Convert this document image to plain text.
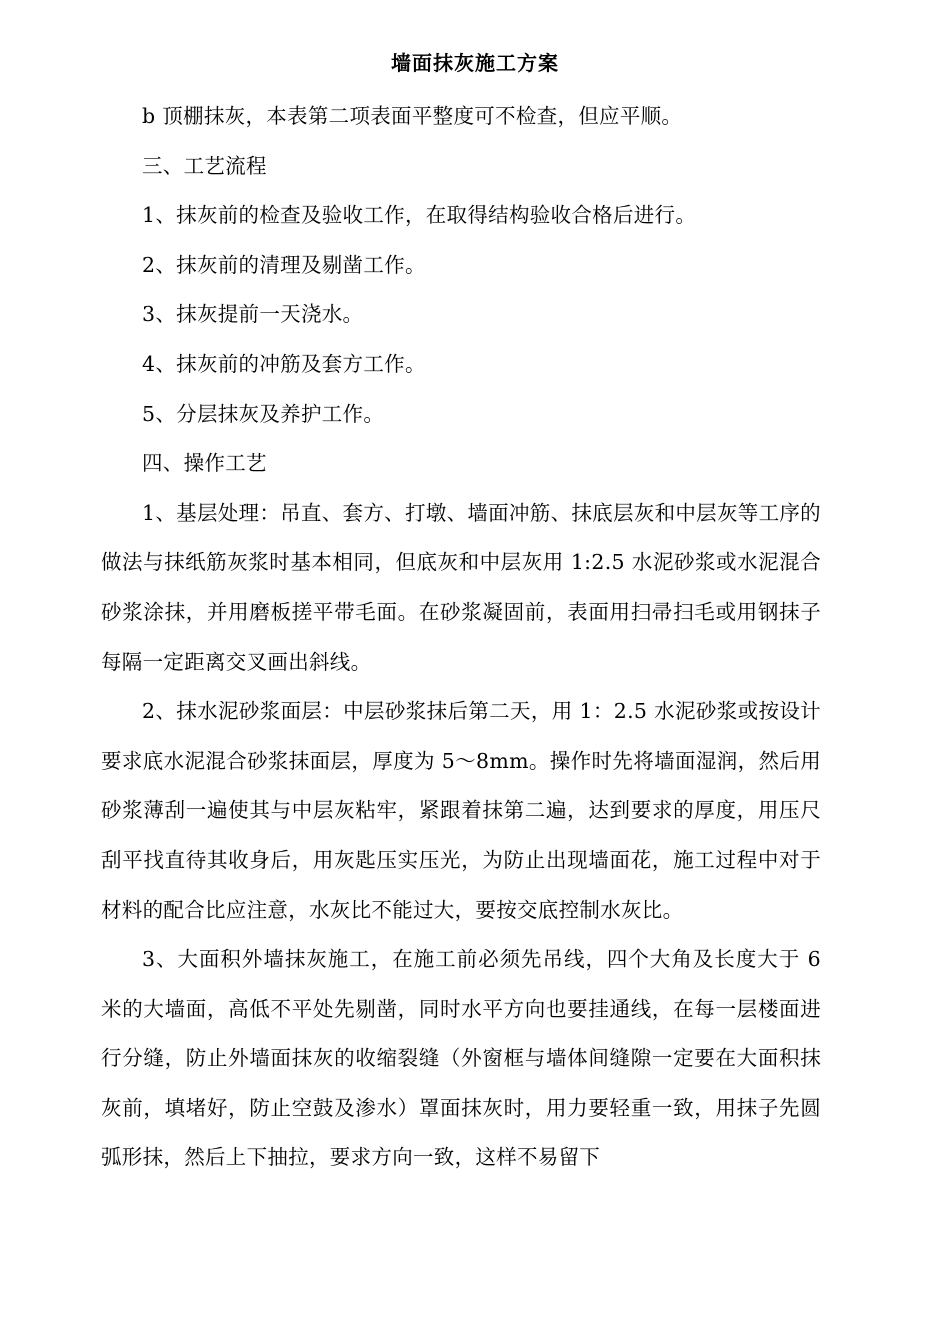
墙面抹灰施工方案

b 顶棚抹灰，本表第二项表面平整度可不检查，但应平顺。

三、工艺流程

1、抹灰前的检查及验收工作，在取得结构验收合格后进行。

2、抹灰前的清理及剔凿工作。

3、抹灰提前一天浇水。

4、抹灰前的冲筋及套方工作。

5、分层抹灰及养护工作。

四、操作工艺

1、基层处理：吊直、套方、打墩、墙面冲筋、抹底层灰和中层灰等工序的做法与抹纸筋灰浆时基本相同，但底灰和中层灰用 1:2.5 水泥砂浆或水泥混合砂浆涂抹，并用磨板搓平带毛面。在砂浆凝固前，表面用扫帚扫毛或用钢抹子每隔一定距离交叉画出斜线。

2、抹水泥砂浆面层：中层砂浆抹后第二天，用 1：2.5 水泥砂浆或按设计要求底水泥混合砂浆抹面层，厚度为 5～8mm。操作时先将墙面湿润，然后用砂浆薄刮一遍使其与中层灰粘牢，紧跟着抹第二遍，达到要求的厚度，用压尺刮平找直待其收身后，用灰匙压实压光，为防止出现墙面花，施工过程中对于材料的配合比应注意，水灰比不能过大，要按交底控制水灰比。

3、大面积外墙抹灰施工，在施工前必须先吊线，四个大角及长度大于 6 米的大墙面，高低不平处先剔凿，同时水平方向也要挂通线，在每一层楼面进行分缝，防止外墙面抹灰的收缩裂缝（外窗框与墙体间缝隙一定要在大面积抹灰前，填堵好，防止空鼓及渗水）罩面抹灰时，用力要轻重一致，用抹子先圆弧形抹，然后上下抽拉，要求方向一致，这样不易留下
